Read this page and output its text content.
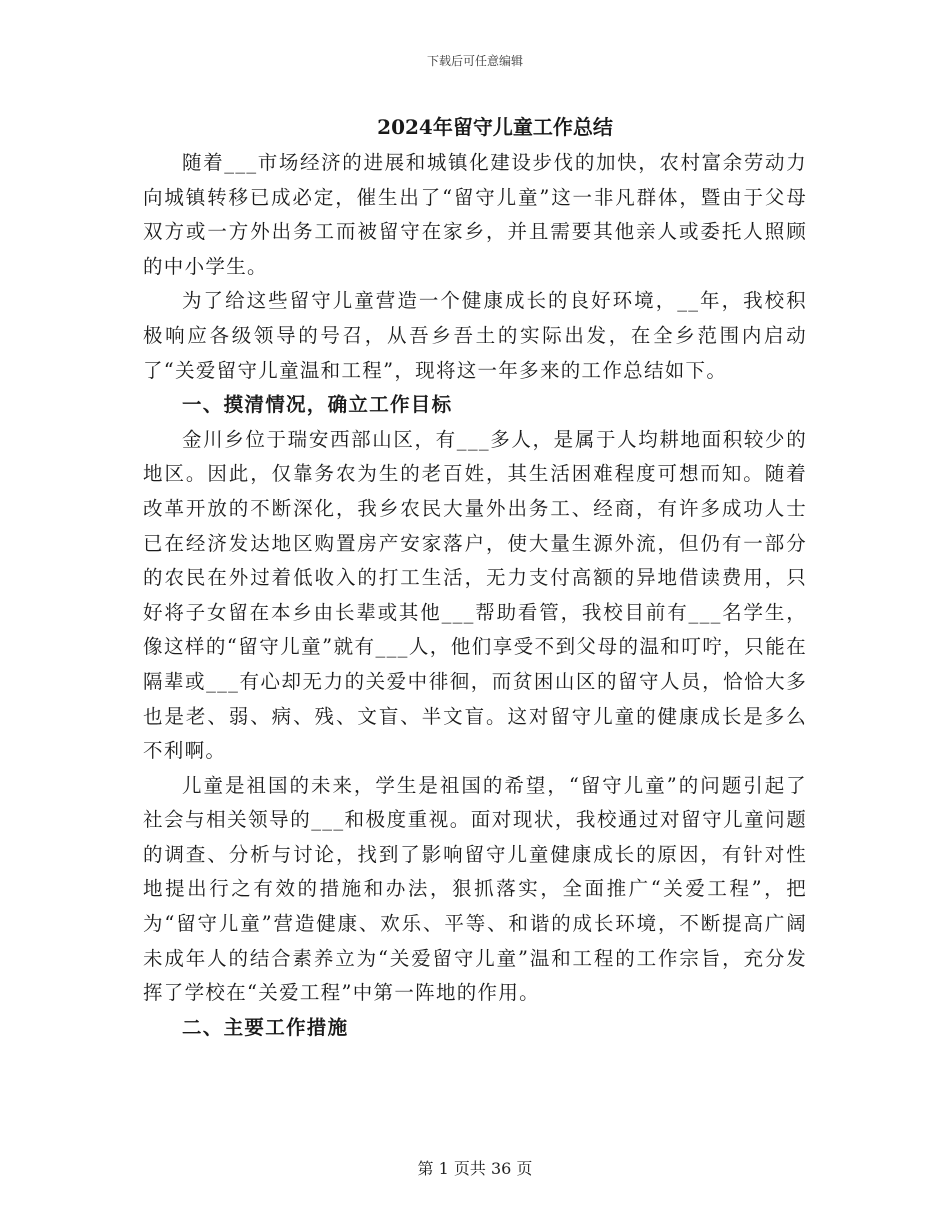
下载后可任意编辑
2024年留守儿童工作总结

随着___市场经济的进展和城镇化建设步伐的加快，农村富余劳动力向城镇转移已成必定，催生出了“留守儿童”这一非凡群体，暨由于父母双方或一方外出务工而被留守在家乡，并且需要其他亲人或委托人照顾的中小学生。

为了给这些留守儿童营造一个健康成长的良好环境，__年，我校积极响应各级领导的号召，从吾乡吾土的实际出发，在全乡范围内启动了“关爱留守儿童温和工程”，现将这一年多来的工作总结如下。

一、摸清情况，确立工作目标

金川乡位于瑞安西部山区，有___多人，是属于人均耕地面积较少的地区。因此，仅靠务农为生的老百姓，其生活困难程度可想而知。随着改革开放的不断深化，我乡农民大量外出务工、经商，有许多成功人士已在经济发达地区购置房产安家落户，使大量生源外流，但仍有一部分的农民在外过着低收入的打工生活，无力支付高额的异地借读费用，只好将子女留在本乡由长辈或其他___帮助看管，我校目前有___名学生，像这样的“留守儿童”就有___人，他们享受不到父母的温和叮咛，只能在隔辈或___有心却无力的关爱中徘徊，而贫困山区的留守人员，恰恰大多也是老、弱、病、残、文盲、半文盲。这对留守儿童的健康成长是多么不利啊。

儿童是祖国的未来，学生是祖国的希望，“留守儿童”的问题引起了社会与相关领导的___和极度重视。面对现状，我校通过对留守儿童问题的调查、分析与讨论，找到了影响留守儿童健康成长的原因，有针对性地提出行之有效的措施和办法，狠抓落实，全面推广“关爱工程”，把为“留守儿童”营造健康、欢乐、平等、和谐的成长环境，不断提高广阔未成年人的结合素养立为“关爱留守儿童”温和工程的工作宗旨，充分发挥了学校在“关爱工程”中第一阵地的作用。

二、主要工作措施

第 1 页共 36 页
